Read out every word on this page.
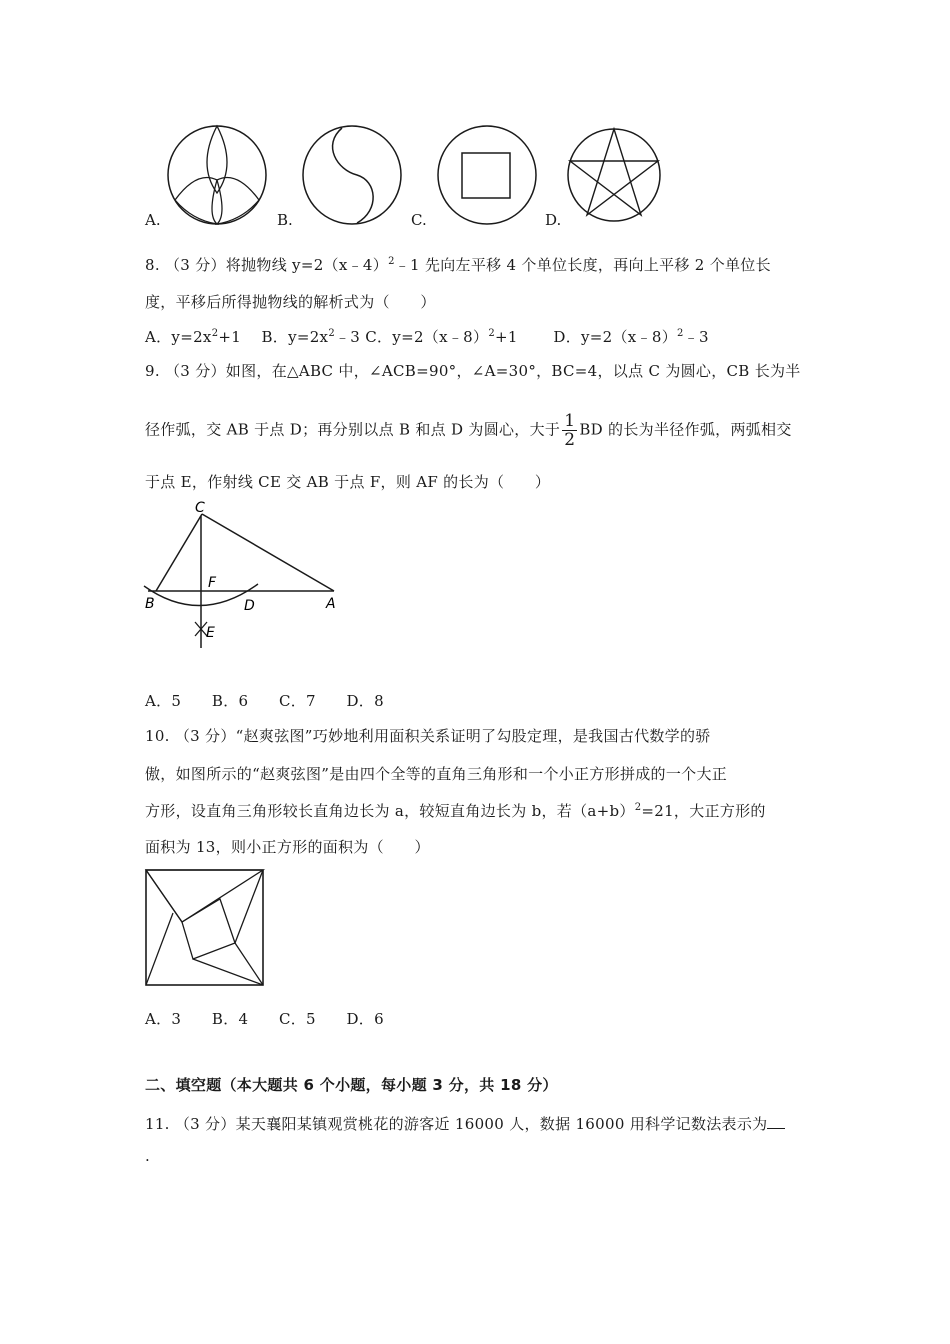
A.	B.	C.	D.
8. （3 分）将抛物线 y=2（x﹣4）$^2$﹣1 先向左平移 4 个单位长度，再向上平移 2 个单位长
度，平移后所得抛物线的解析式为（　　）
A．$y=2x^2+1$　 B．$y=2x^2﹣3$ C．y=2（x﹣8）$^2$+1　　 D．y=2（x﹣8）$^2$﹣3
9. （3 分）如图，在△ABC 中，∠ACB=90°，∠A=30°，BC=4，以点 C 为圆心，CB 长为半
径作弧，交 AB 于点 D；再分别以点 B 和点 D 为圆心，大于 $\frac{1}{2}$ BD 的长为半径作弧，两弧相交
于点 E，作射线 CE 交 AB 于点 F，则 AF 的长为（　　）
C
F
B	D	A
E
A．5　　B．6　　C．7　　D．8
10. （3 分）“赵爽弦图”巧妙地利用面积关系证明了勾股定理，是我国古代数学的骄
傲，如图所示的“赵爽弦图”是由四个全等的直角三角形和一个小正方形拼成的一个大正
方形，设直角三角形较长直角边长为 a，较短直角边长为 b，若$(a+b)^2=21$，大正方形的
面积为 13，则小正方形的面积为（　　）
A．3　　B．4　　C．5　　D．6
二、填空题（本大题共 6 个小题，每小题 3 分，共 18 分）
11. （3 分）某天襄阳某镇观赏桃花的游客近 16000 人，数据 16000 用科学记数法表示为
.
